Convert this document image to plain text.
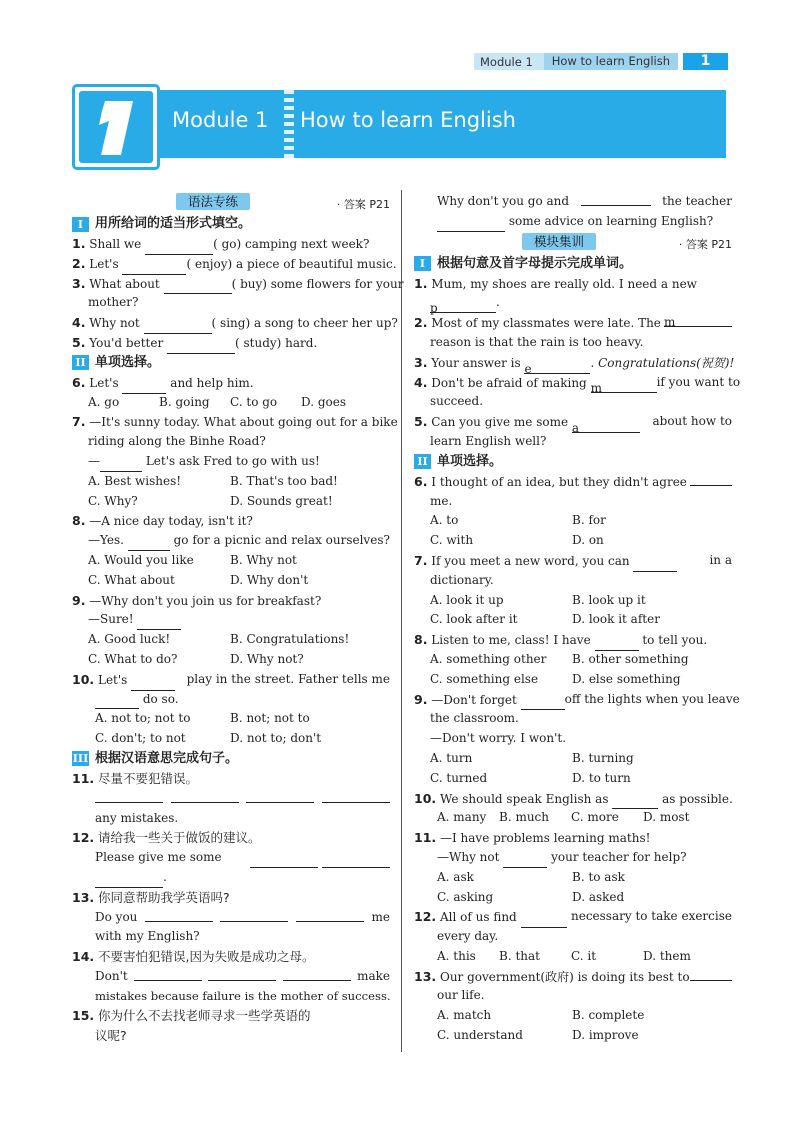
Module 1	How to learn English	1
Module 1 How to learn English
语法专练	· 答案 P21
I 用所给词的适当形式填空。
1. Shall we	( go) camping next week?
2. Let's	( enjoy) a piece of beautiful music.
3. What about	( buy) some flowers for your
mother?
4. Why not	( sing) a song to cheer her up?
5. You'd better	( study) hard.
II 单项选择。
6. Let's	and help him.
A. go	B. going	C. to go	D. goes
7. —It's sunny today. What about going out for a bike
riding along the Binhe Road?
—	Let's ask Fred to go with us!
A. Best wishes!	B. That's too bad!
C. Why?	D. Sounds great!
8. —A nice day today, isn't it?
—Yes.	go for a picnic and relax ourselves?
A. Would you like	B. Why not
C. What about	D. Why don't
9. —Why don't you join us for breakfast?
—Sure!
A. Good luck!	B. Congratulations!
C. What to do?	D. Why not?
10. Let's	play in the street. Father tells me
do so.
A. not to; not to	B. not; not to
C. don't; to not	D. not to; don't
III 根据汉语意思完成句子。
11. 尽量不要犯错误。
any mistakes.
12. 请给我一些关于做饭的建议。
Please give me some

.
13. 你同意帮助我学英语吗?
Do you	me
with my English?
14. 不要害怕犯错误,因为失败是成功之母。
Don't	make
mistakes because failure is the mother of success.
15. 你为什么不去找老师寻求一些学英语的
议呢?
Why don't you go and	the teacher
some advice on learning English?
模块集训	· 答案 P21
I 根据句意及首字母提示完成单词。
1. Mum, my shoes are really old. I need a new
p	.
2. Most of my classmates were late. The m
reason is that the rain is too heavy.
3. Your answer is e	. Congratulations(祝贺)!
4. Don't be afraid of making m	if you want to
succeed.
5. Can you give me some a	about how to
learn English well?
II 单项选择。
6. I thought of an idea, but they didn't agree
me.
A. to	B. for
C. with	D. on
7. If you meet a new word, you can	in a
dictionary.
A. look it up	B. look up it
C. look after it	D. look it after
8. Listen to me, class! I have	to tell you.
A. something other	B. other something
C. something else	D. else something
9. —Don't forget	off the lights when you leave
the classroom.
—Don't worry. I won't.
A. turn	B. turning
C. turned	D. to turn
10. We should speak English as	as possible.
A. many	B. much	C. more	D. most
11. —I have problems learning maths!
—Why not	your teacher for help?
A. ask	B. to ask
C. asking	D. asked
12. All of us find	necessary to take exercise
every day.
A. this	B. that	C. it	D. them
13. Our government(政府) is doing its best to
our life.
A. match	B. complete
C. understand	D. improve
